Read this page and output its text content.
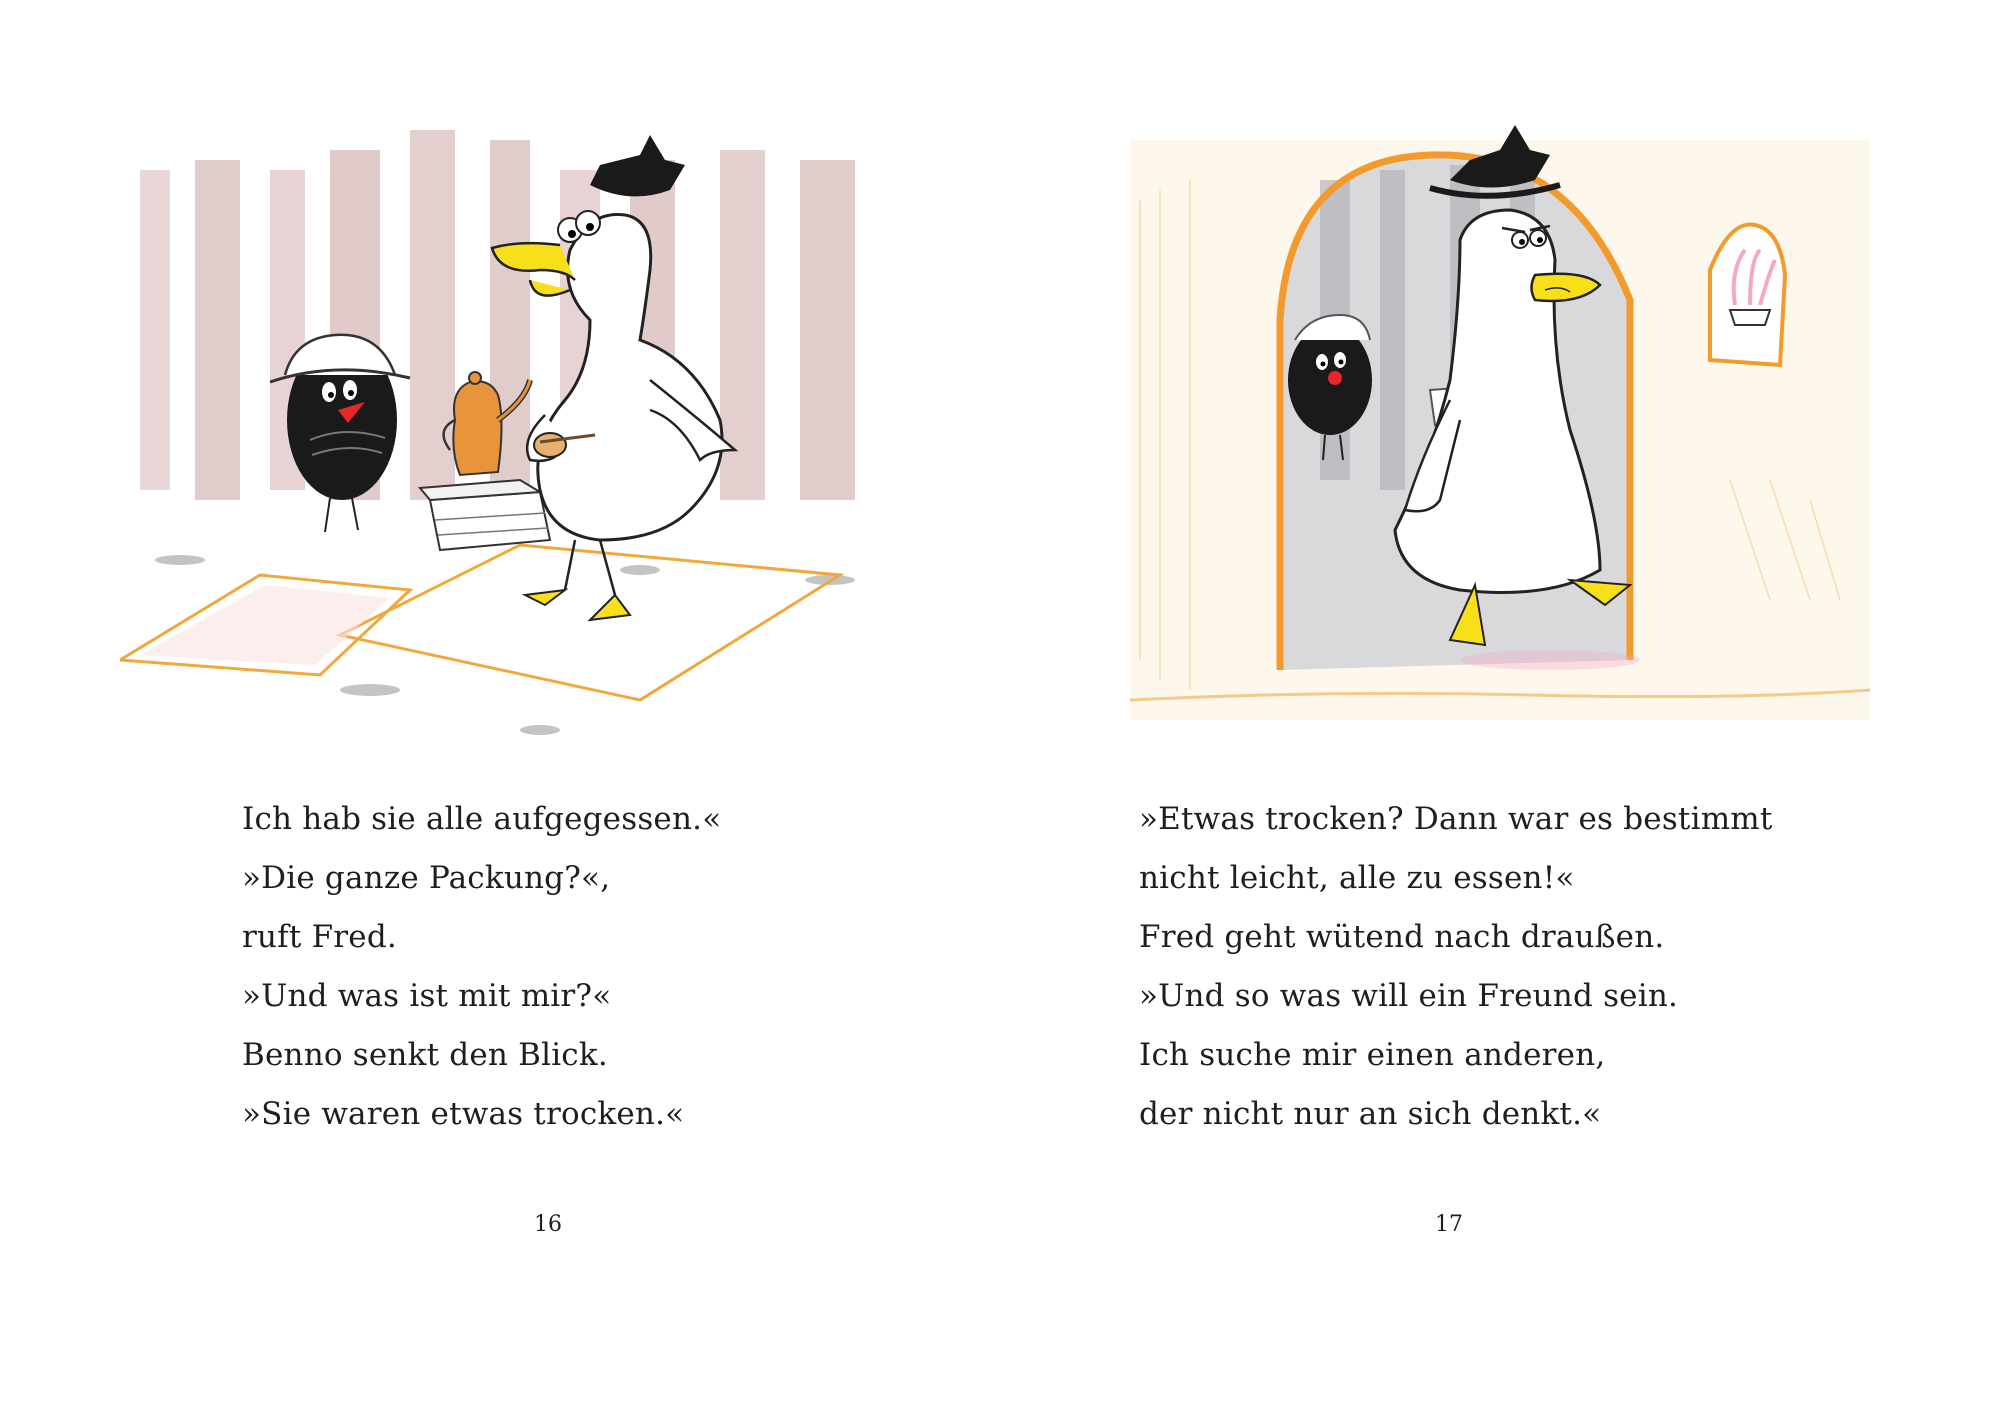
Ich hab sie alle aufgegessen.«
»Die ganze Packung?«,
ruft Fred.
»Und was ist mit mir?«
Benno senkt den Blick.
»Sie waren etwas trocken.«
16
»Etwas trocken? Dann war es bestimmt
nicht leicht, alle zu essen!«
Fred geht wütend nach draußen.
»Und so was will ein Freund sein.
Ich suche mir einen anderen,
der nicht nur an sich denkt.«
17
